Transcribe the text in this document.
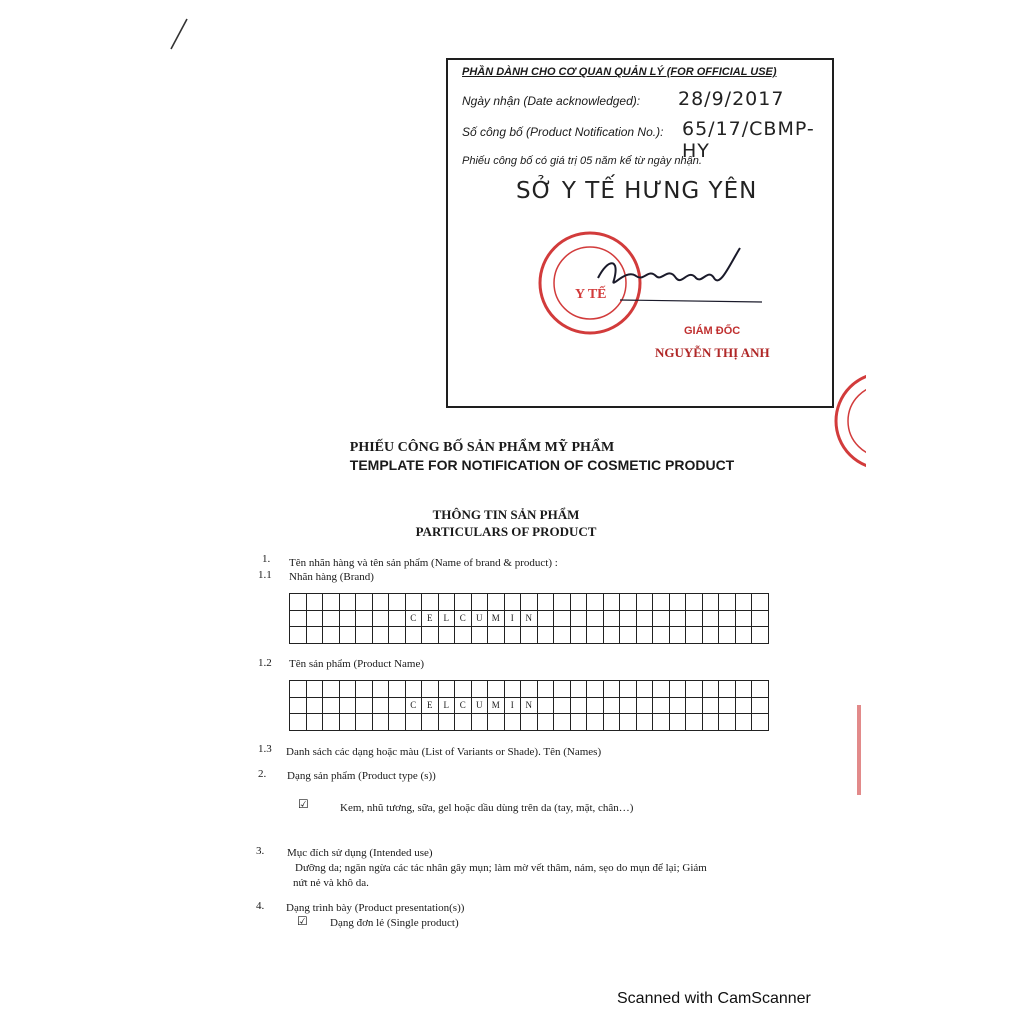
PHẦN DÀNH CHO CƠ QUAN QUẢN LÝ (FOR OFFICIAL USE)
Ngày nhận (Date acknowledged): 28/9/2017
Số công bố (Product Notification No.): 65/17/CBMP-HY
Phiếu công bố có giá trị 05 năm kể từ ngày nhận.
SỞ Y TẾ HƯNG YÊN
Y TẾ
GIÁM ĐỐC
NGUYỄN THỊ ANH
PHIẾU CÔNG BỐ SẢN PHẨM MỸ PHẨM
TEMPLATE FOR NOTIFICATION OF COSMETIC PRODUCT
THÔNG TIN SẢN PHẨM
PARTICULARS OF PRODUCT
1. Tên nhãn hàng và tên sản phẩm (Name of brand & product) :
1.1 Nhãn hàng (Brand)

							C	E	L	C	U	M	I	N														

1.2 Tên sản phẩm (Product Name)

							C	E	L	C	U	M	I	N														

1.3 Danh sách các dạng hoặc màu (List of Variants or Shade). Tên (Names)
2. Dạng sản phẩm (Product type (s))
☑	Kem, nhũ tương, sữa, gel hoặc dầu dùng trên da (tay, mặt, chân…)
3. Mục đích sử dụng (Intended use)
Dưỡng da; ngăn ngừa các tác nhân gây mụn; làm mờ vết thâm, nám, sẹo do mụn để lại; Giảm
nứt nẻ và khô da.
4. Dạng trình bày (Product presentation(s))
☑ Dạng đơn lẻ (Single product)
Scanned with CamScanner
